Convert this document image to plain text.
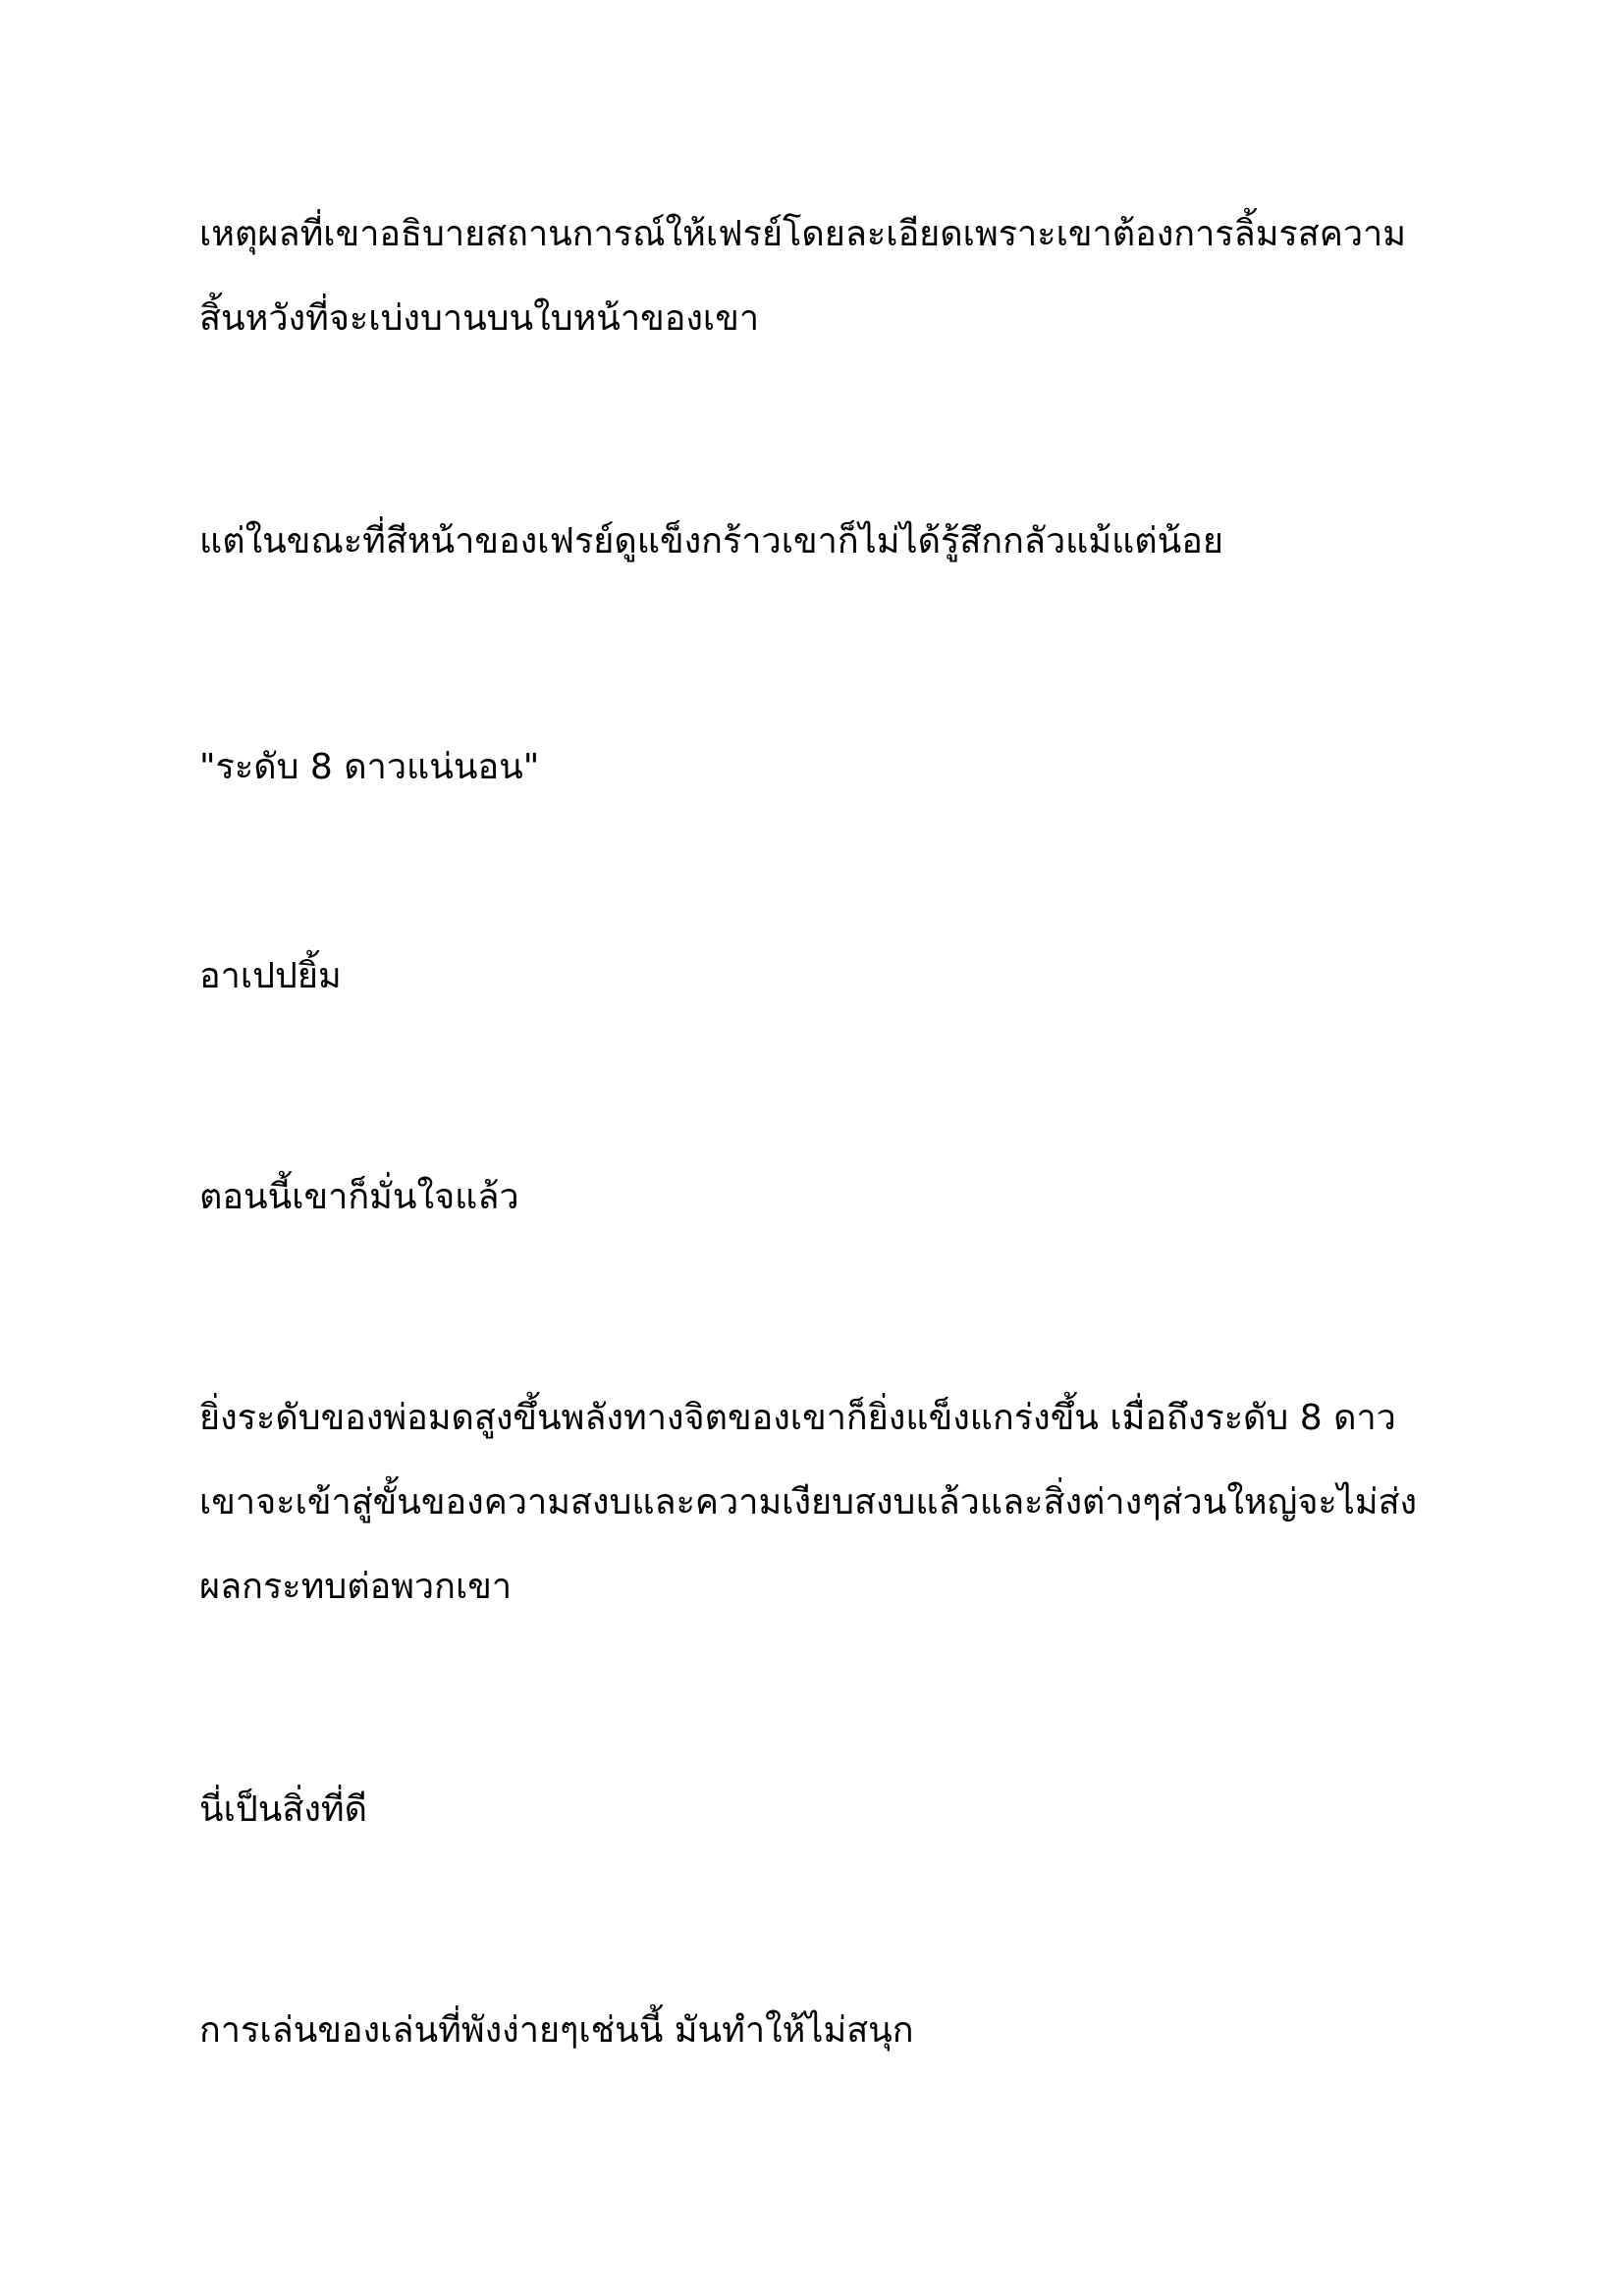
เหตุผลที่เขาอธิบายสถานการณ์ให้เฟรย์โดยละเอียดเพราะเขาต้องการลิ้มรสความสิ้นหวังที่จะเบ่งบานบนใบหน้าของเขา

แต่ในขณะที่สีหน้าของเฟรย์ดูแข็งกร้าวเขาก็ไม่ได้รู้สึกกลัวแม้แต่น้อย

"ระดับ 8 ดาวแน่นอน"

อาเปปยิ้ม

ตอนนี้เขาก็มั่นใจแล้ว

ยิ่งระดับของพ่อมดสูงขึ้นพลังทางจิตของเขาก็ยิ่งแข็งแกร่งขึ้น เมื่อถึงระดับ 8 ดาวเขาจะเข้าสู่ขั้นของความสงบและความเงียบสงบแล้วและสิ่งต่างๆส่วนใหญ่จะไม่ส่งผลกระทบต่อพวกเขา

นี่เป็นสิ่งที่ดี

การเล่นของเล่นที่พังง่ายๆเช่นนี้ มันทำให้ไม่สนุก
